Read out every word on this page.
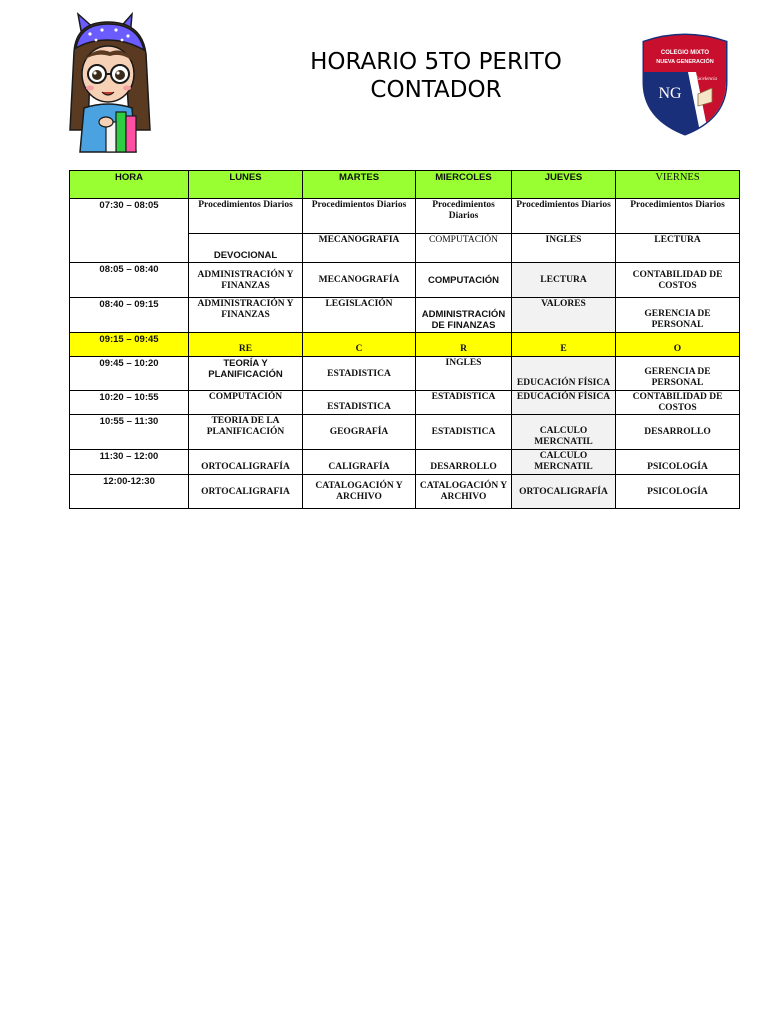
HORARIO 5TO PERITO
CONTADOR
COLEGIO MIXTO
NUEVA GENERACIÓN
Excelencia
NG
HORA	LUNES	MARTES	MIERCOLES	JUEVES	VIERNES
07:30 – 08:05	Procedimientos Diarios	Procedimientos Diarios	Procedimientos Diarios	Procedimientos Diarios	Procedimientos Diarios
	DEVOCIONAL	MECANOGRAFIA	COMPUTACIÓN	INGLES	LECTURA
08:05 – 08:40	ADMINISTRACIÓN Y FINANZAS	MECANOGRAFÍA	COMPUTACIÓN	LECTURA	CONTABILIDAD DE COSTOS
08:40 – 09:15	ADMINISTRACIÓN Y FINANZAS	LEGISLACIÓN	ADMINISTRACIÓN DE FINANZAS	VALORES	GERENCIA DE PERSONAL
09:15 – 09:45	RE	C	R	E	O
09:45 – 10:20	TEORÍA Y PLANIFICACIÓN	ESTADISTICA	INGLES	EDUCACIÓN FÍSICA	GERENCIA DE PERSONAL
10:20 – 10:55	COMPUTACIÓN	ESTADISTICA	ESTADISTICA	EDUCACIÓN FÍSICA	CONTABILIDAD DE COSTOS
10:55 – 11:30	TEORIA DE LA PLANIFICACIÓN	GEOGRAFÍA	ESTADISTICA	CALCULO MERCNATIL	DESARROLLO
11:30 – 12:00	ORTOCALIGRAFÍA	CALIGRAFÍA	DESARROLLO	CALCULO MERCNATIL	PSICOLOGÍA
12:00-12:30	ORTOCALIGRAFIA	CATALOGACIÓN Y ARCHIVO	CATALOGACIÓN Y ARCHIVO	ORTOCALIGRAFÍA	PSICOLOGÍA
